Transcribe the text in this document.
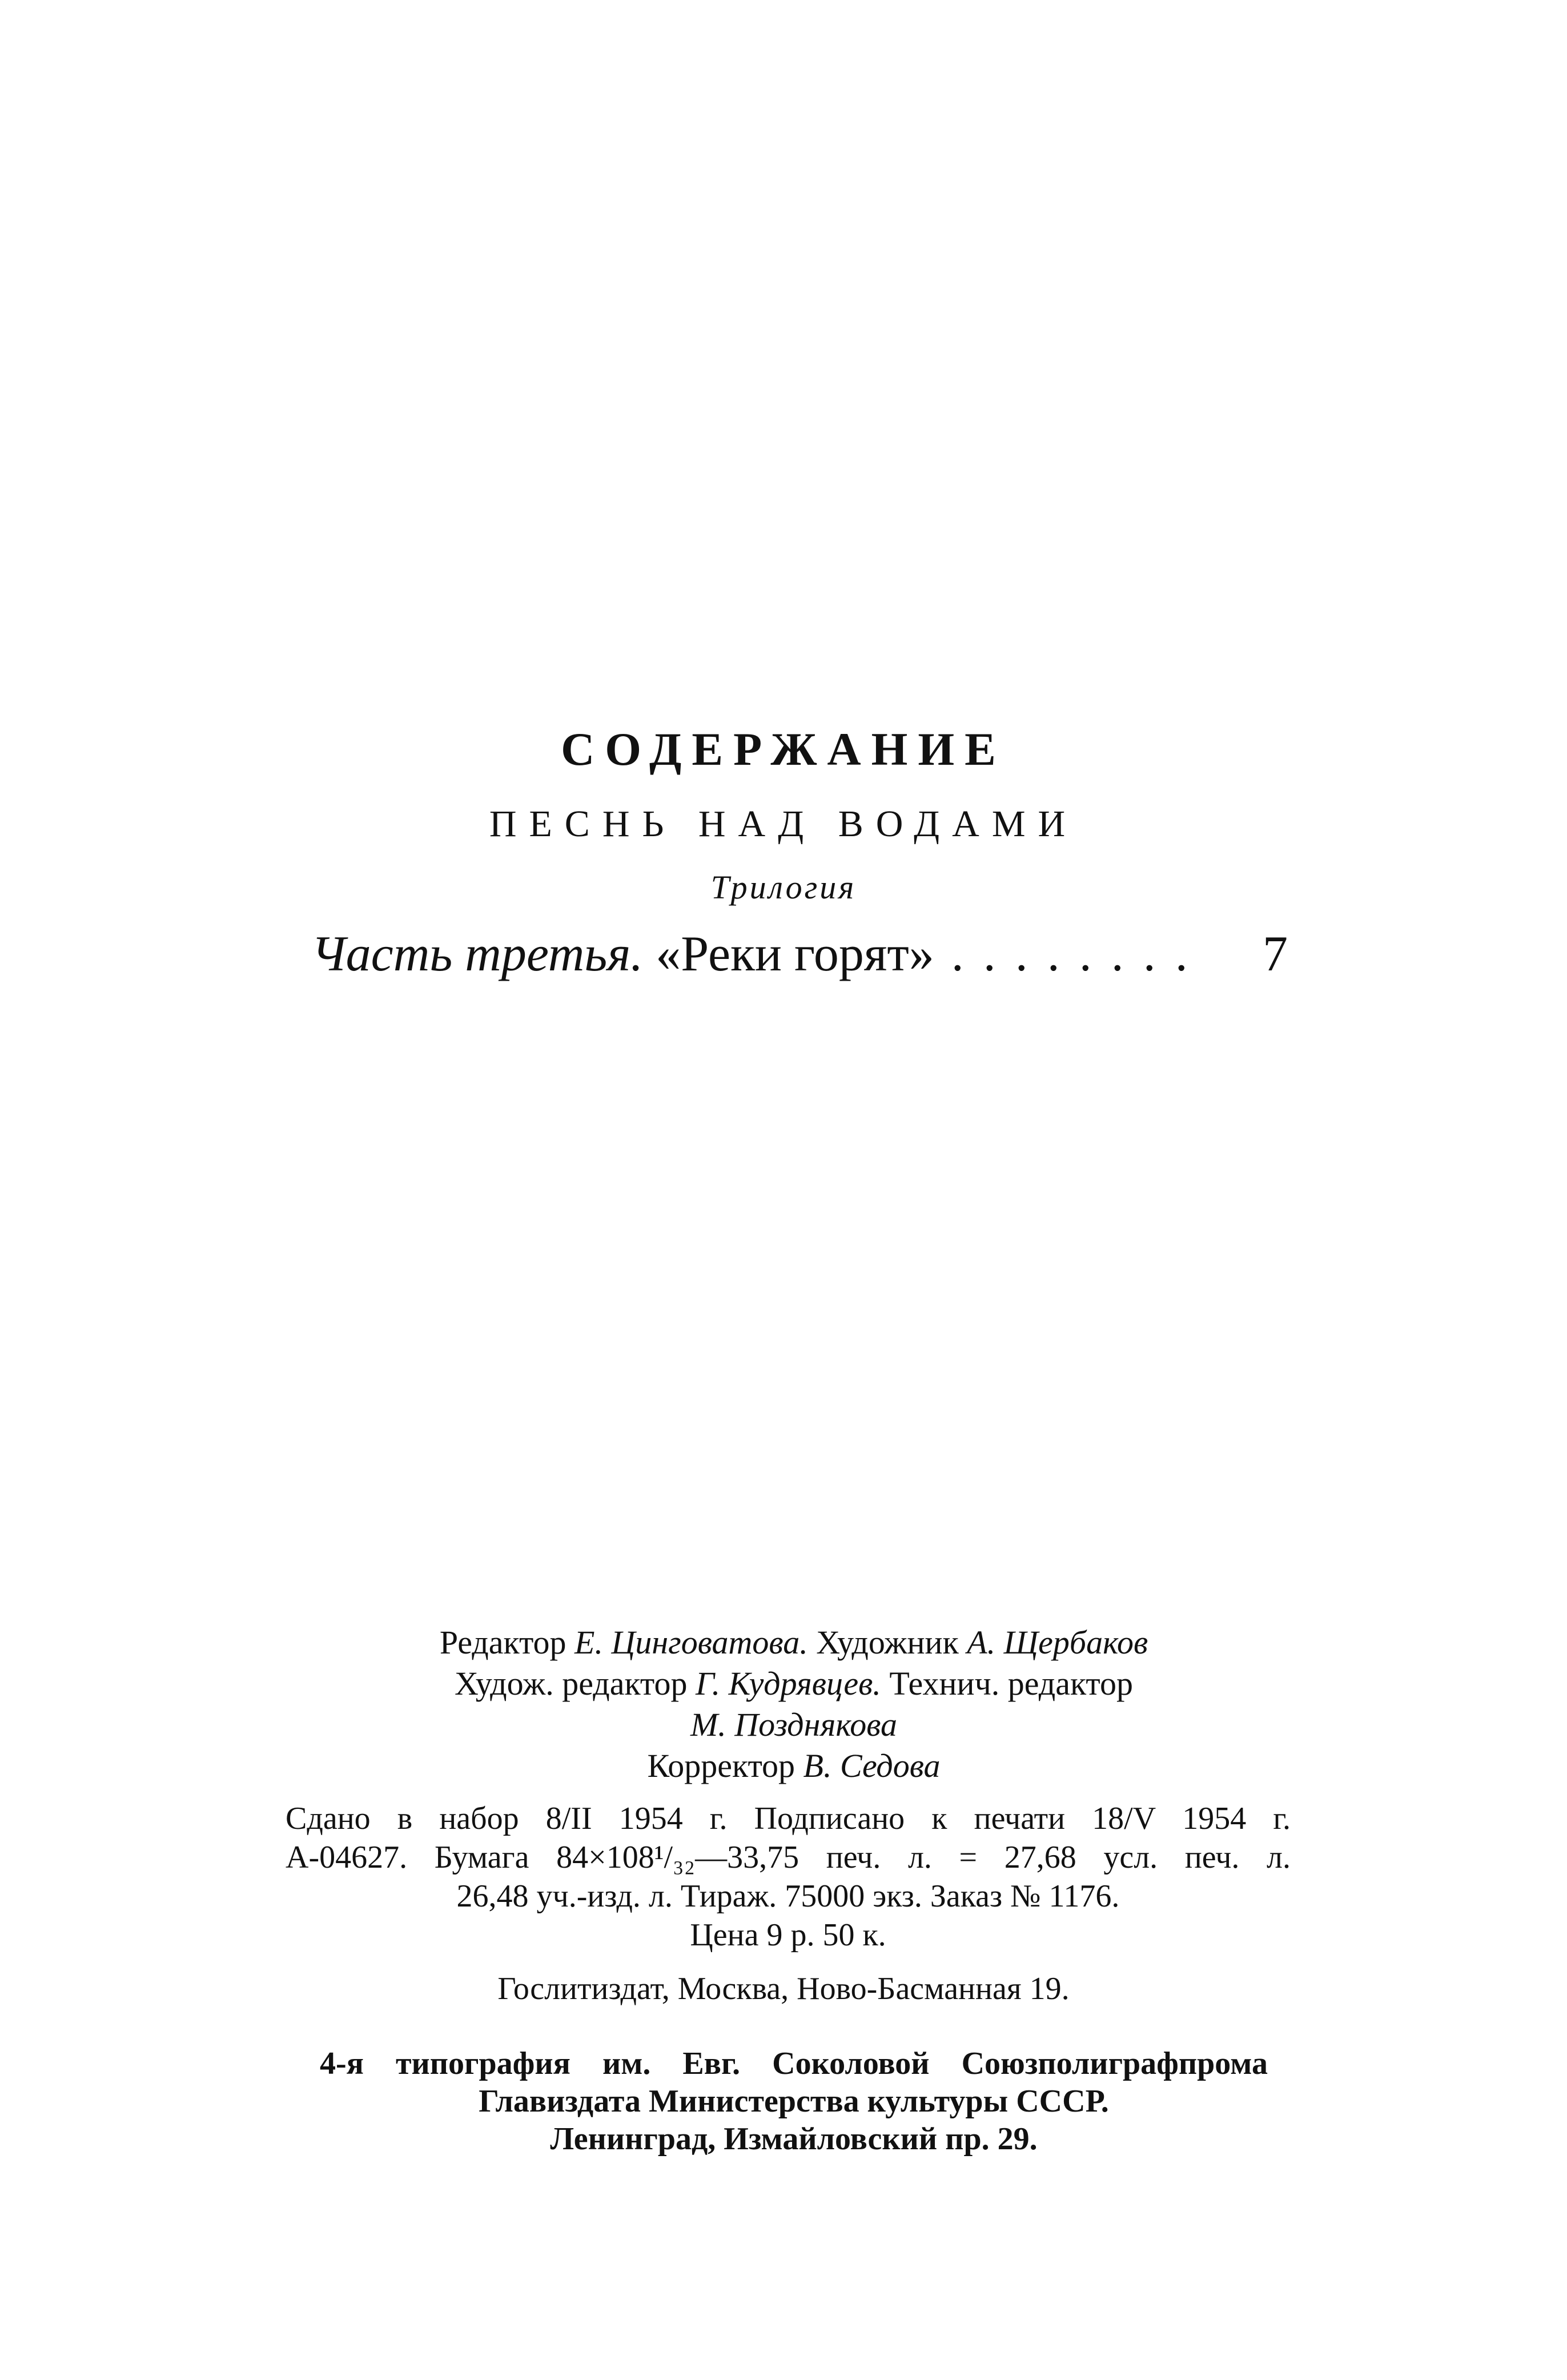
СОДЕРЖАНИЕ
ПЕСНЬ НАД ВОДАМИ
Трилогия
Часть третья. «Реки горят» ........	7
Редактор Е. Цинговатова. Художник А. Щербаков
Худож. редактор Г. Кудрявцев. Технич. редактор
М. Позднякова
Корректор В. Седова
Сдано в набор 8/II 1954 г. Подписано к печати 18/V 1954 г.
А-04627. Бумага 84×108¹/₃₂—33,75 печ. л. = 27,68 усл. печ. л.
26,48 уч.-изд. л. Тираж. 75000 экз. Заказ № 1176.
Цена 9 р. 50 к.
Гослитиздат, Москва, Ново-Басманная 19.
4-я типография им. Евг. Соколовой Союзполиграфпрома
Главиздата Министерства культуры СССР.
Ленинград, Измайловский пр. 29.
